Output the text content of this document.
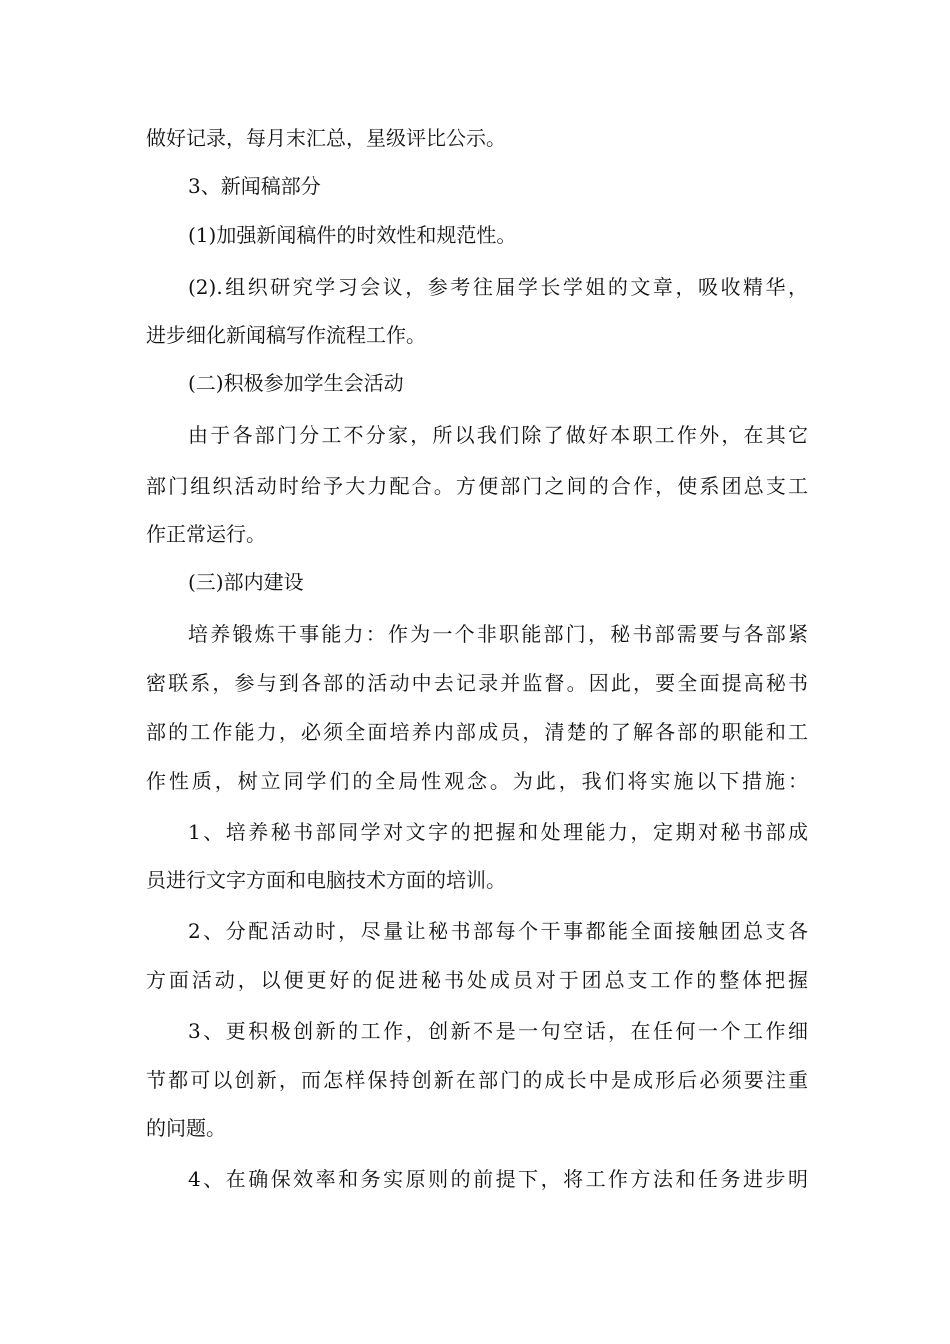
做好记录，每月末汇总，星级评比公示。
3、新闻稿部分
(1)加强新闻稿件的时效性和规范性。
(2).组织研究学习会议，参考往届学长学姐的文章，吸收精华，
进步细化新闻稿写作流程工作。
(二)积极参加学生会活动
由于各部门分工不分家，所以我们除了做好本职工作外，在其它
部门组织活动时给予大力配合。方便部门之间的合作，使系团总支工
作正常运行。
(三)部内建设
培养锻炼干事能力：作为一个非职能部门，秘书部需要与各部紧
密联系，参与到各部的活动中去记录并监督。因此，要全面提高秘书
部的工作能力，必须全面培养内部成员，清楚的了解各部的职能和工
作性质，树立同学们的全局性观念。为此，我们将实施以下措施：
1、培养秘书部同学对文字的把握和处理能力，定期对秘书部成
员进行文字方面和电脑技术方面的培训。
2、分配活动时，尽量让秘书部每个干事都能全面接触团总支各
方面活动，以便更好的促进秘书处成员对于团总支工作的整体把握
3、更积极创新的工作，创新不是一句空话，在任何一个工作细
节都可以创新，而怎样保持创新在部门的成长中是成形后必须要注重
的问题。
4、在确保效率和务实原则的前提下，将工作方法和任务进步明
